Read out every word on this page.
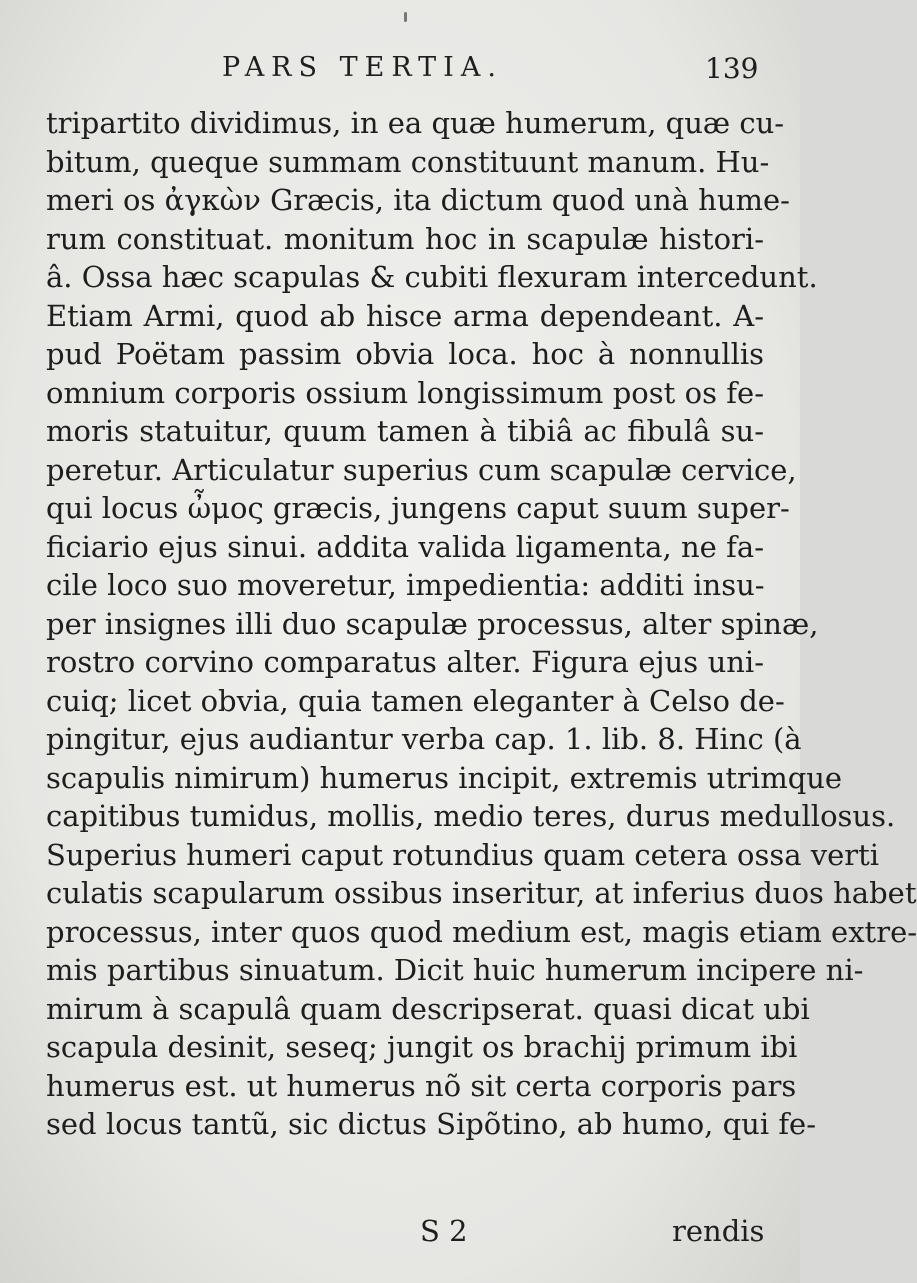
PARS TERTIA.	139
tripartito dividimus, in ea quæ humerum, quæ cu-
bitum, queque summam constituunt manum. Hu-
meri os ἀγκὼν Græcis, ita dictum quod unà hume-
rum constituat. monitum hoc in scapulæ histori-
â. Ossa hæc scapulas & cubiti flexuram intercedunt.
Etiam Armi, quod ab hisce arma dependeant. A-
pud Poëtam passim obvia loca. hoc à nonnullis
omnium corporis ossium longissimum post os fe-
moris statuitur, quum tamen à tibiâ ac fibulâ su-
peretur. Articulatur superius cum scapulæ cervice,
qui locus ὦμος græcis, jungens caput suum super-
ficiario ejus sinui. addita valida ligamenta, ne fa-
cile loco suo moveretur, impedientia: additi insu-
per insignes illi duo scapulæ processus, alter spinæ,
rostro corvino comparatus alter. Figura ejus uni-
cuiq; licet obvia, quia tamen eleganter à Celso de-
pingitur, ejus audiantur verba cap. 1. lib. 8. Hinc (à
scapulis nimirum) humerus incipit, extremis utrimque
capitibus tumidus, mollis, medio teres, durus medullosus.
Superius humeri caput rotundius quam cetera ossa verti
culatis scapularum ossibus inseritur, at inferius duos habet
processus, inter quos quod medium est, magis etiam extre-
mis partibus sinuatum. Dicit huic humerum incipere ni-
mirum à scapulâ quam descripserat. quasi dicat ubi
scapula desinit, seseq; jungit os brachij primum ibi
humerus est. ut humerus nõ sit certa corporis pars
sed locus tantũ, sic dictus Sipõtino, ab humo, qui fe-
S 2	rendis
